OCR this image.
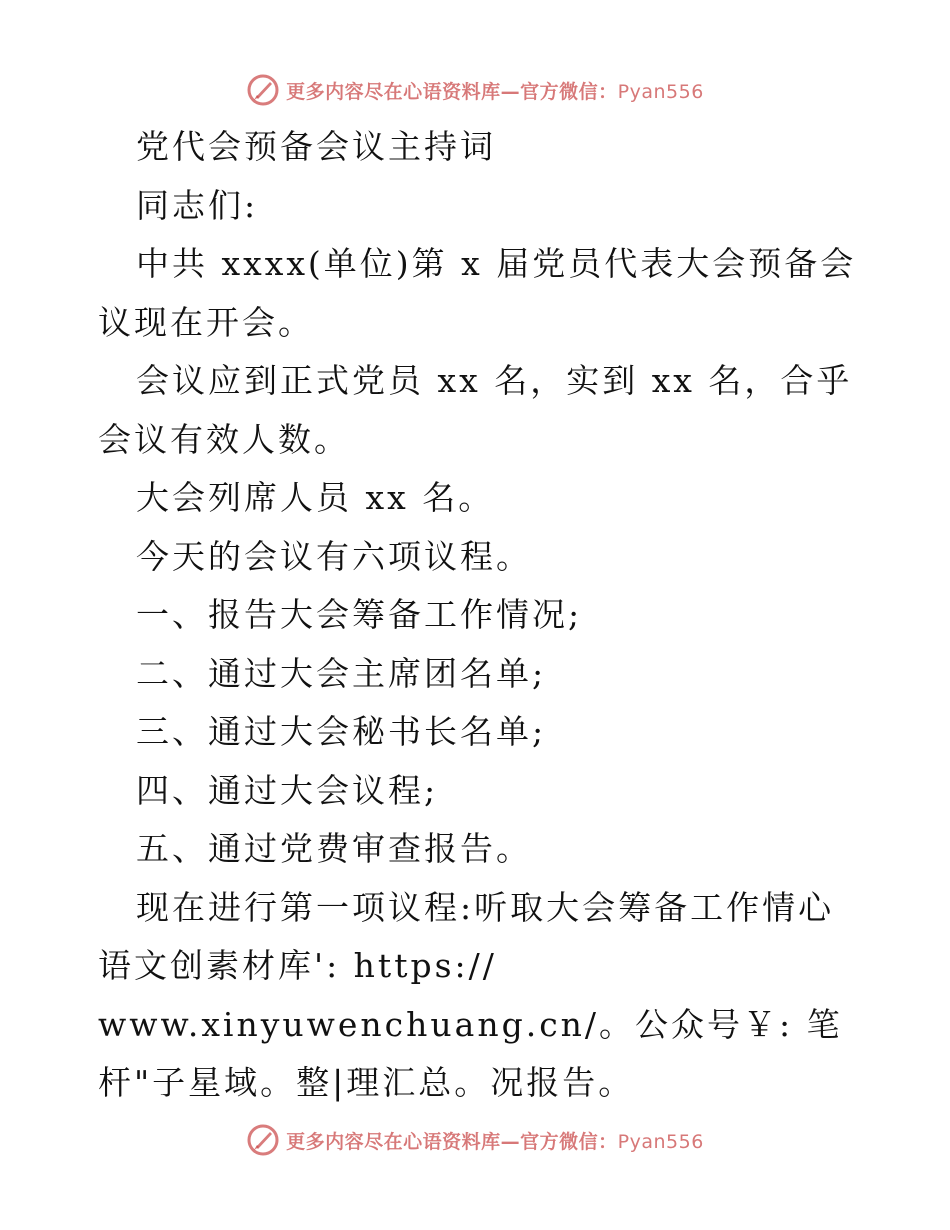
更多内容尽在心语资料库—官方微信：Pyan556

党代会预备会议主持词

同志们:

中共 xxxx(单位)第 x 届党员代表大会预备会议现在开会。

会议应到正式党员 xx 名，实到 xx 名，合乎会议有效人数。

大会列席人员 xx 名。

今天的会议有六项议程。

一、报告大会筹备工作情况;

二、通过大会主席团名单;

三、通过大会秘书长名单;

四、通过大会议程;

五、通过党费审查报告。

现在进行第一项议程:听取大会筹备工作情心语文创素材库': https://

www.xinyuwenchuang.cn/。公众号￥: 笔杆"子星域。整|理汇总。况报告。

更多内容尽在心语资料库—官方微信：Pyan556
